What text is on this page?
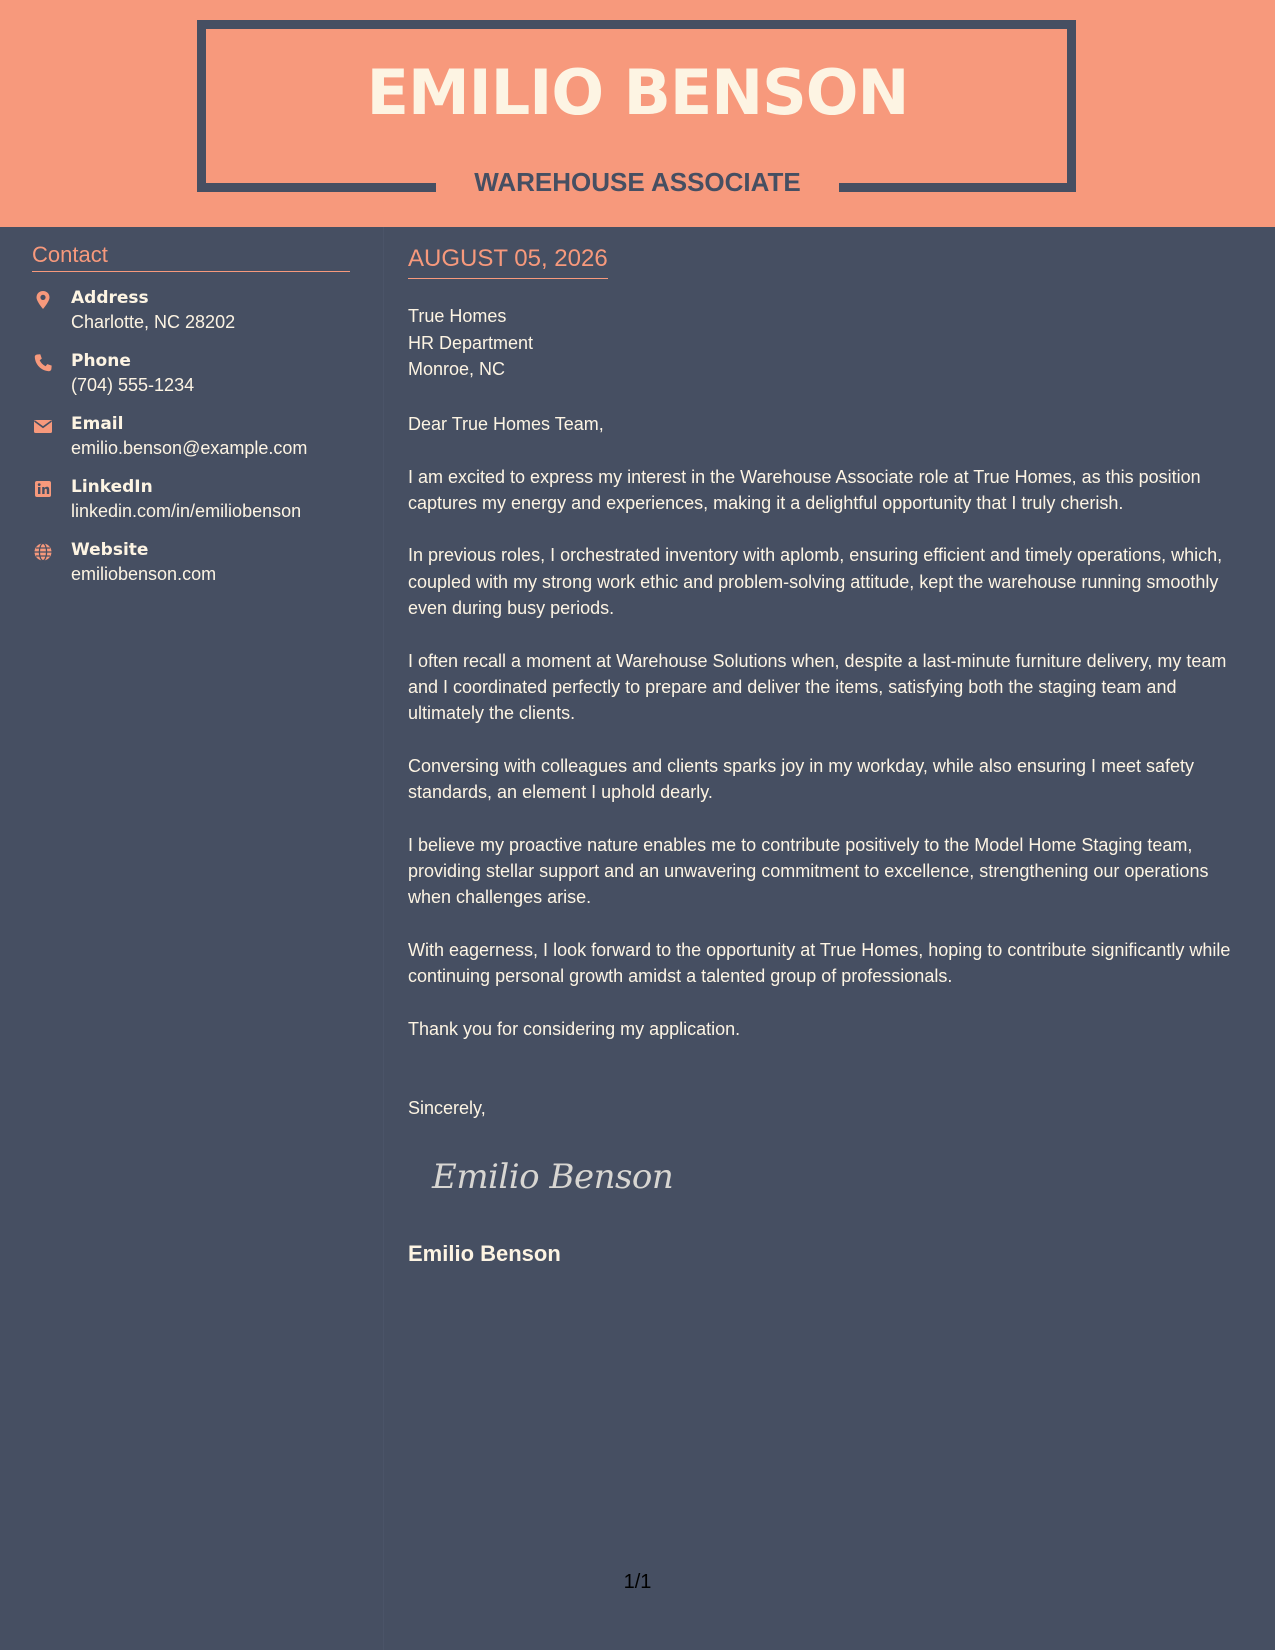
EMILIO BENSON
WAREHOUSE ASSOCIATE
Contact
Address
Charlotte, NC 28202
Phone
(704) 555-1234
Email
emilio.benson@example.com
LinkedIn
linkedin.com/in/emiliobenson
Website
emiliobenson.com
AUGUST 05, 2026
True Homes
HR Department
Monroe, NC

Dear True Homes Team,

I am excited to express my interest in the Warehouse Associate role at True Homes, as this position captures my energy and experiences, making it a delightful opportunity that I truly cherish.

In previous roles, I orchestrated inventory with aplomb, ensuring efficient and timely operations, which, coupled with my strong work ethic and problem-solving attitude, kept the warehouse running smoothly even during busy periods.

I often recall a moment at Warehouse Solutions when, despite a last-minute furniture delivery, my team and I coordinated perfectly to prepare and deliver the items, satisfying both the staging team and ultimately the clients.

Conversing with colleagues and clients sparks joy in my workday, while also ensuring I meet safety standards, an element I uphold dearly.

I believe my proactive nature enables me to contribute positively to the Model Home Staging team, providing stellar support and an unwavering commitment to excellence, strengthening our operations when challenges arise.

With eagerness, I look forward to the opportunity at True Homes, hoping to contribute significantly while continuing personal growth amidst a talented group of professionals.

Thank you for considering my application.

Sincerely,
Emilio Benson
Emilio Benson
1/1
